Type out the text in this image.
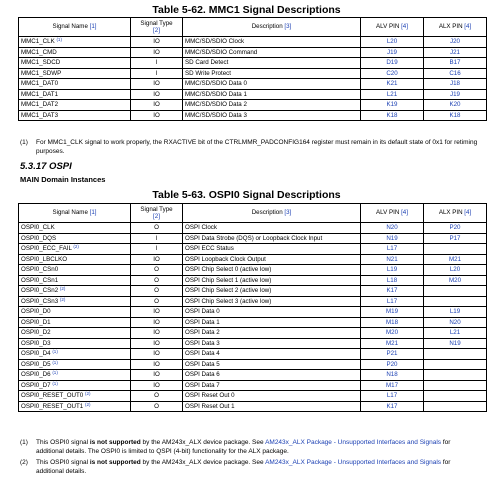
Table 5-62. MMC1 Signal Descriptions
Signal Name [1]	Signal Type
[2]	Description [3]	ALV PIN [4]	ALX PIN [4]
MMC1_CLK $^{(1)}$	IO	MMC/SD/SDIO Clock	L20	J20
MMC1_CMD	IO	MMC/SD/SDIO Command	J19	J21
MMC1_SDCD	I	SD Card Detect	D19	B17
MMC1_SDWP	I	SD Write Protect	C20	C16
MMC1_DAT0	IO	MMC/SD/SDIO Data 0	K21	J18
MMC1_DAT1	IO	MMC/SD/SDIO Data 1	L21	J19
MMC1_DAT2	IO	MMC/SD/SDIO Data 2	K19	K20
MMC1_DAT3	IO	MMC/SD/SDIO Data 3	K18	K18
(1) For MMC1_CLK signal to work properly, the RXACTIVE bit of the CTRLMMR_PADCONFIG164 register must remain in its default state of 0x1 for retiming purposes.
5.3.17 OSPI
MAIN Domain Instances
Table 5-63. OSPI0 Signal Descriptions
Signal Name [1]	Signal Type
[2]	Description [3]	ALV PIN [4]	ALX PIN [4]
OSPI0_CLK	O	OSPI Clock	N20	P20
OSPI0_DQS	I	OSPI Data Strobe (DQS) or Loopback Clock Input	N19	P17
OSPI0_ECC_FAIL $^{(2)}$	I	OSPI ECC Status	L17	
OSPI0_LBCLKO	IO	OSPI Loopback Clock Output	N21	M21
OSPI0_CSn0	O	OSPI Chip Select 0 (active low)	L19	L20
OSPI0_CSn1	O	OSPI Chip Select 1 (active low)	L18	M20
OSPI0_CSn2 $^{(2)}$	O	OSPI Chip Select 2 (active low)	K17	
OSPI0_CSn3 $^{(2)}$	O	OSPI Chip Select 3 (active low)	L17	
OSPI0_D0	IO	OSPI Data 0	M19	L19
OSPI0_D1	IO	OSPI Data 1	M18	N20
OSPI0_D2	IO	OSPI Data 2	M20	L21
OSPI0_D3	IO	OSPI Data 3	M21	N19
OSPI0_D4 $^{(1)}$	IO	OSPI Data 4	P21	
OSPI0_D5 $^{(1)}$	IO	OSPI Data 5	P20	
OSPI0_D6 $^{(1)}$	IO	OSPI Data 6	N18	
OSPI0_D7 $^{(1)}$	IO	OSPI Data 7	M17	
OSPI0_RESET_OUT0 $^{(2)}$	O	OSPI Reset Out 0	L17	
OSPI0_RESET_OUT1 $^{(2)}$	O	OSPI Reset Out 1	K17	
(1) This OSPI0 signal is not supported by the AM243x_ALX device package. See AM243x_ALX Package - Unsupported Interfaces and Signals for additional details. The OSPI0 is limited to QSPI (4-bit) functionality for the ALX package.
(2) This OSPI0 signal is not supported by the AM243x_ALX device package. See AM243x_ALX Package - Unsupported Interfaces and Signals for additional details.
